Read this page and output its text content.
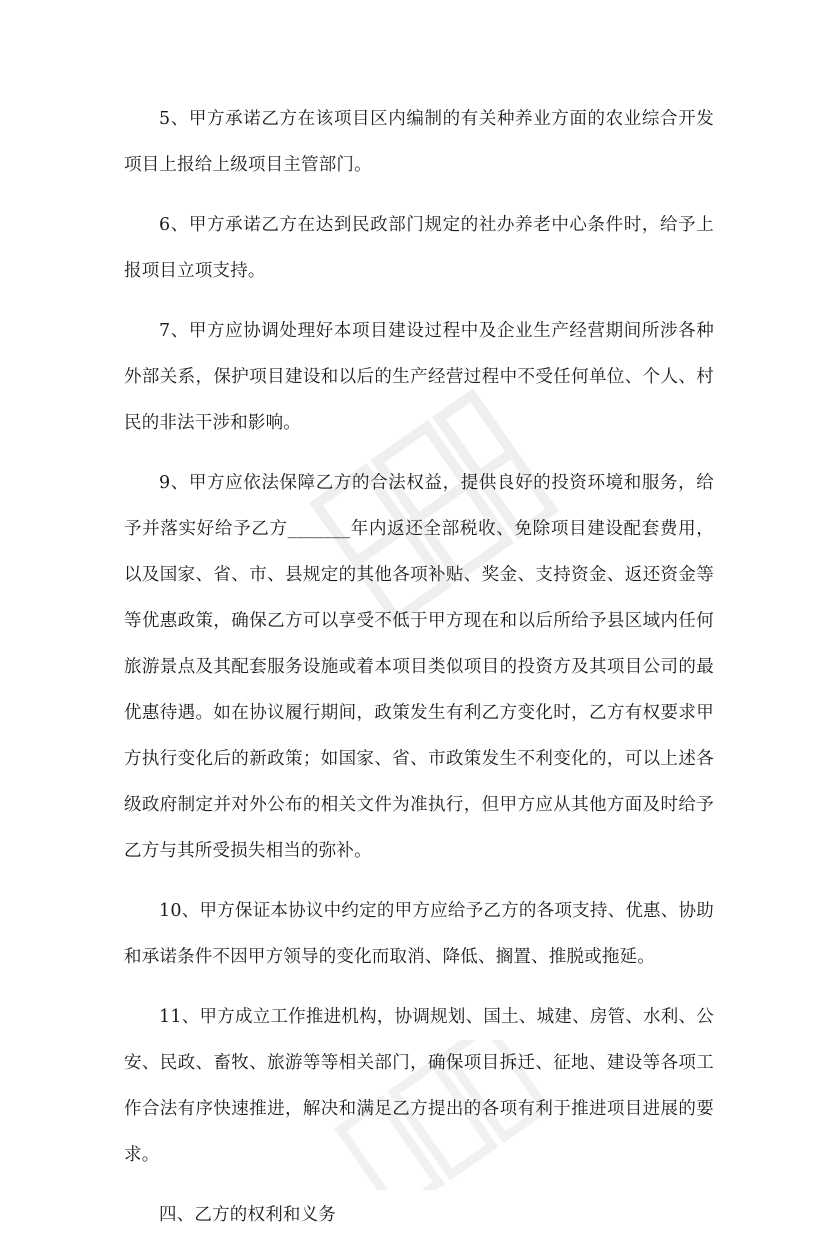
5、甲方承诺乙方在该项目区内编制的有关种养业方面的农业综合开发项目上报给上级项目主管部门。

6、甲方承诺乙方在达到民政部门规定的社办养老中心条件时，给予上报项目立项支持。

7、甲方应协调处理好本项目建设过程中及企业生产经营期间所涉各种外部关系，保护项目建设和以后的生产经营过程中不受任何单位、个人、村民的非法干涉和影响。

9、甲方应依法保障乙方的合法权益，提供良好的投资环境和服务，给予并落实好给予乙方_______年内返还全部税收、免除项目建设配套费用，以及国家、省、市、县规定的其他各项补贴、奖金、支持资金、返还资金等等优惠政策，确保乙方可以享受不低于甲方现在和以后所给予县区域内任何旅游景点及其配套服务设施或着本项目类似项目的投资方及其项目公司的最优惠待遇。如在协议履行期间，政策发生有利乙方变化时，乙方有权要求甲方执行变化后的新政策；如国家、省、市政策发生不利变化的，可以上述各级政府制定并对外公布的相关文件为准执行，但甲方应从其他方面及时给予乙方与其所受损失相当的弥补。

10、甲方保证本协议中约定的甲方应给予乙方的各项支持、优惠、协助和承诺条件不因甲方领导的变化而取消、降低、搁置、推脱或拖延。

11、甲方成立工作推进机构，协调规划、国土、城建、房管、水利、公安、民政、畜牧、旅游等等相关部门，确保项目拆迁、征地、建设等各项工作合法有序快速推进，解决和满足乙方提出的各项有利于推进项目进展的要求。

四、乙方的权利和义务
